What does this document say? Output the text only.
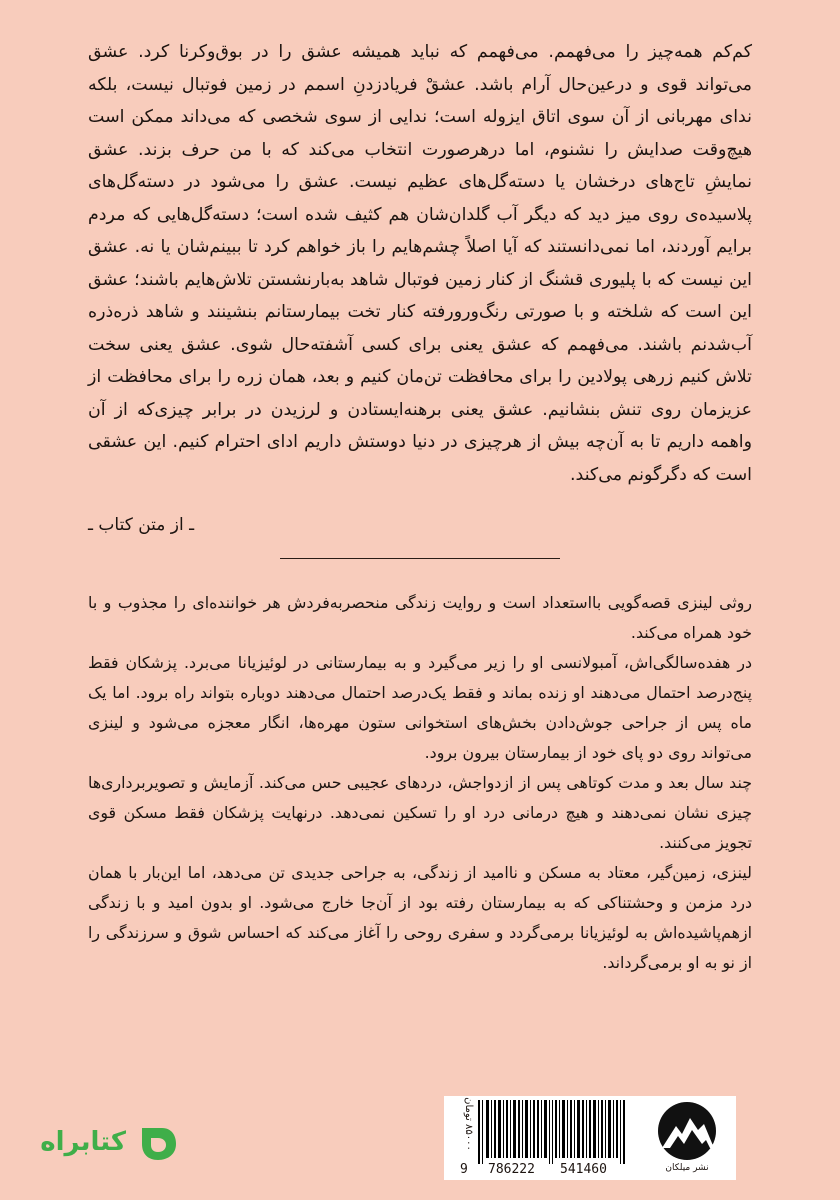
کم‌کم همه‌چیز را می‌فهمم. می‌فهمم که نباید همیشه عشق را در بوق‌وکرنا کرد. عشق می‌تواند قوی و درعین‌حال آرام باشد. عشقْ فریادزدنِ اسمم در زمین فوتبال نیست، بلکه ندای مهربانی از آن سوی اتاق ایزوله است؛ ندایی از سوی شخصی که می‌داند ممکن است هیچ‌وقت صدایش را نشنوم، اما درهرصورت انتخاب می‌کند که با من حرف بزند. عشق نمایشِ تاج‌های درخشان یا دسته‌گل‌های عظیم نیست. عشق را می‌شود در دسته‌گل‌های پلاسیده‌ی روی میز دید که دیگر آب گلدان‌شان هم کثیف شده است؛ دسته‌گل‌هایی که مردم برایم آوردند، اما نمی‌دانستند که آیا اصلاً چشم‌هایم را باز خواهم کرد تا ببینم‌شان یا نه. عشق این نیست که با پلیوری قشنگ از کنار زمین فوتبال شاهد به‌بارنشستن تلاش‌هایم باشند؛ عشق این است که شلخته و با صورتی رنگ‌ورورفته کنار تخت بیمارستانم بنشینند و شاهد ذره‌ذره آب‌شدنم باشند. می‌فهمم که عشق یعنی برای کسی آشفته‌حال شوی. عشق یعنی سخت تلاش کنیم زرهی پولادین را برای محافظت تن‌مان کنیم و بعد، همان زره را برای محافظت از عزیزمان روی تنش بنشانیم. عشق یعنی برهنه‌ایستادن و لرزیدن در برابر چیزی‌که از آن واهمه داریم تا به آن‌چه بیش از هرچیزی در دنیا دوستش داریم ادای احترام کنیم. این عشقی است که دگرگونم می‌کند.

ـ از متن کتاب ـ

روثی لینزی قصه‌گویی بااستعداد است و روایت زندگی منحصربه‌فردش هر خواننده‌ای را مجذوب و با خود همراه می‌کند.

در هفده‌سالگی‌اش، آمبولانسی او را زیر می‌گیرد و به بیمارستانی در لوئیزیانا می‌برد. پزشکان فقط پنج‌درصد احتمال می‌دهند او زنده بماند و فقط یک‌درصد احتمال می‌دهند دوباره بتواند راه برود. اما یک ماه پس از جراحی جوش‌دادن بخش‌های استخوانی ستون مهره‌ها، انگار معجزه می‌شود و لینزی می‌تواند روی دو پای خود از بیمارستان بیرون برود.

چند سال بعد و مدت کوتاهی پس از ازدواجش، دردهای عجیبی حس می‌کند. آزمایش و تصویربرداری‌ها چیزی نشان نمی‌دهند و هیچ درمانی درد او را تسکین نمی‌دهد. درنهایت پزشکان فقط مسکن قوی تجویز می‌کنند.

لینزی، زمین‌گیر، معتاد به مسکن و ناامید از زندگی، به جراحی جدیدی تن می‌دهد، اما این‌بار با همان درد مزمن و وحشتناکی که به بیمارستان رفته بود از آن‌جا خارج می‌شود. او بدون امید و با زندگی ازهم‌پاشیده‌اش به لوئیزیانا برمی‌گردد و سفری روحی را آغاز می‌کند که احساس شوق و سرزندگی را از نو به او برمی‌گرداند.

کتابراه
۸۵۰۰۰ تومان
9 786222 541460	نشر میلکان
